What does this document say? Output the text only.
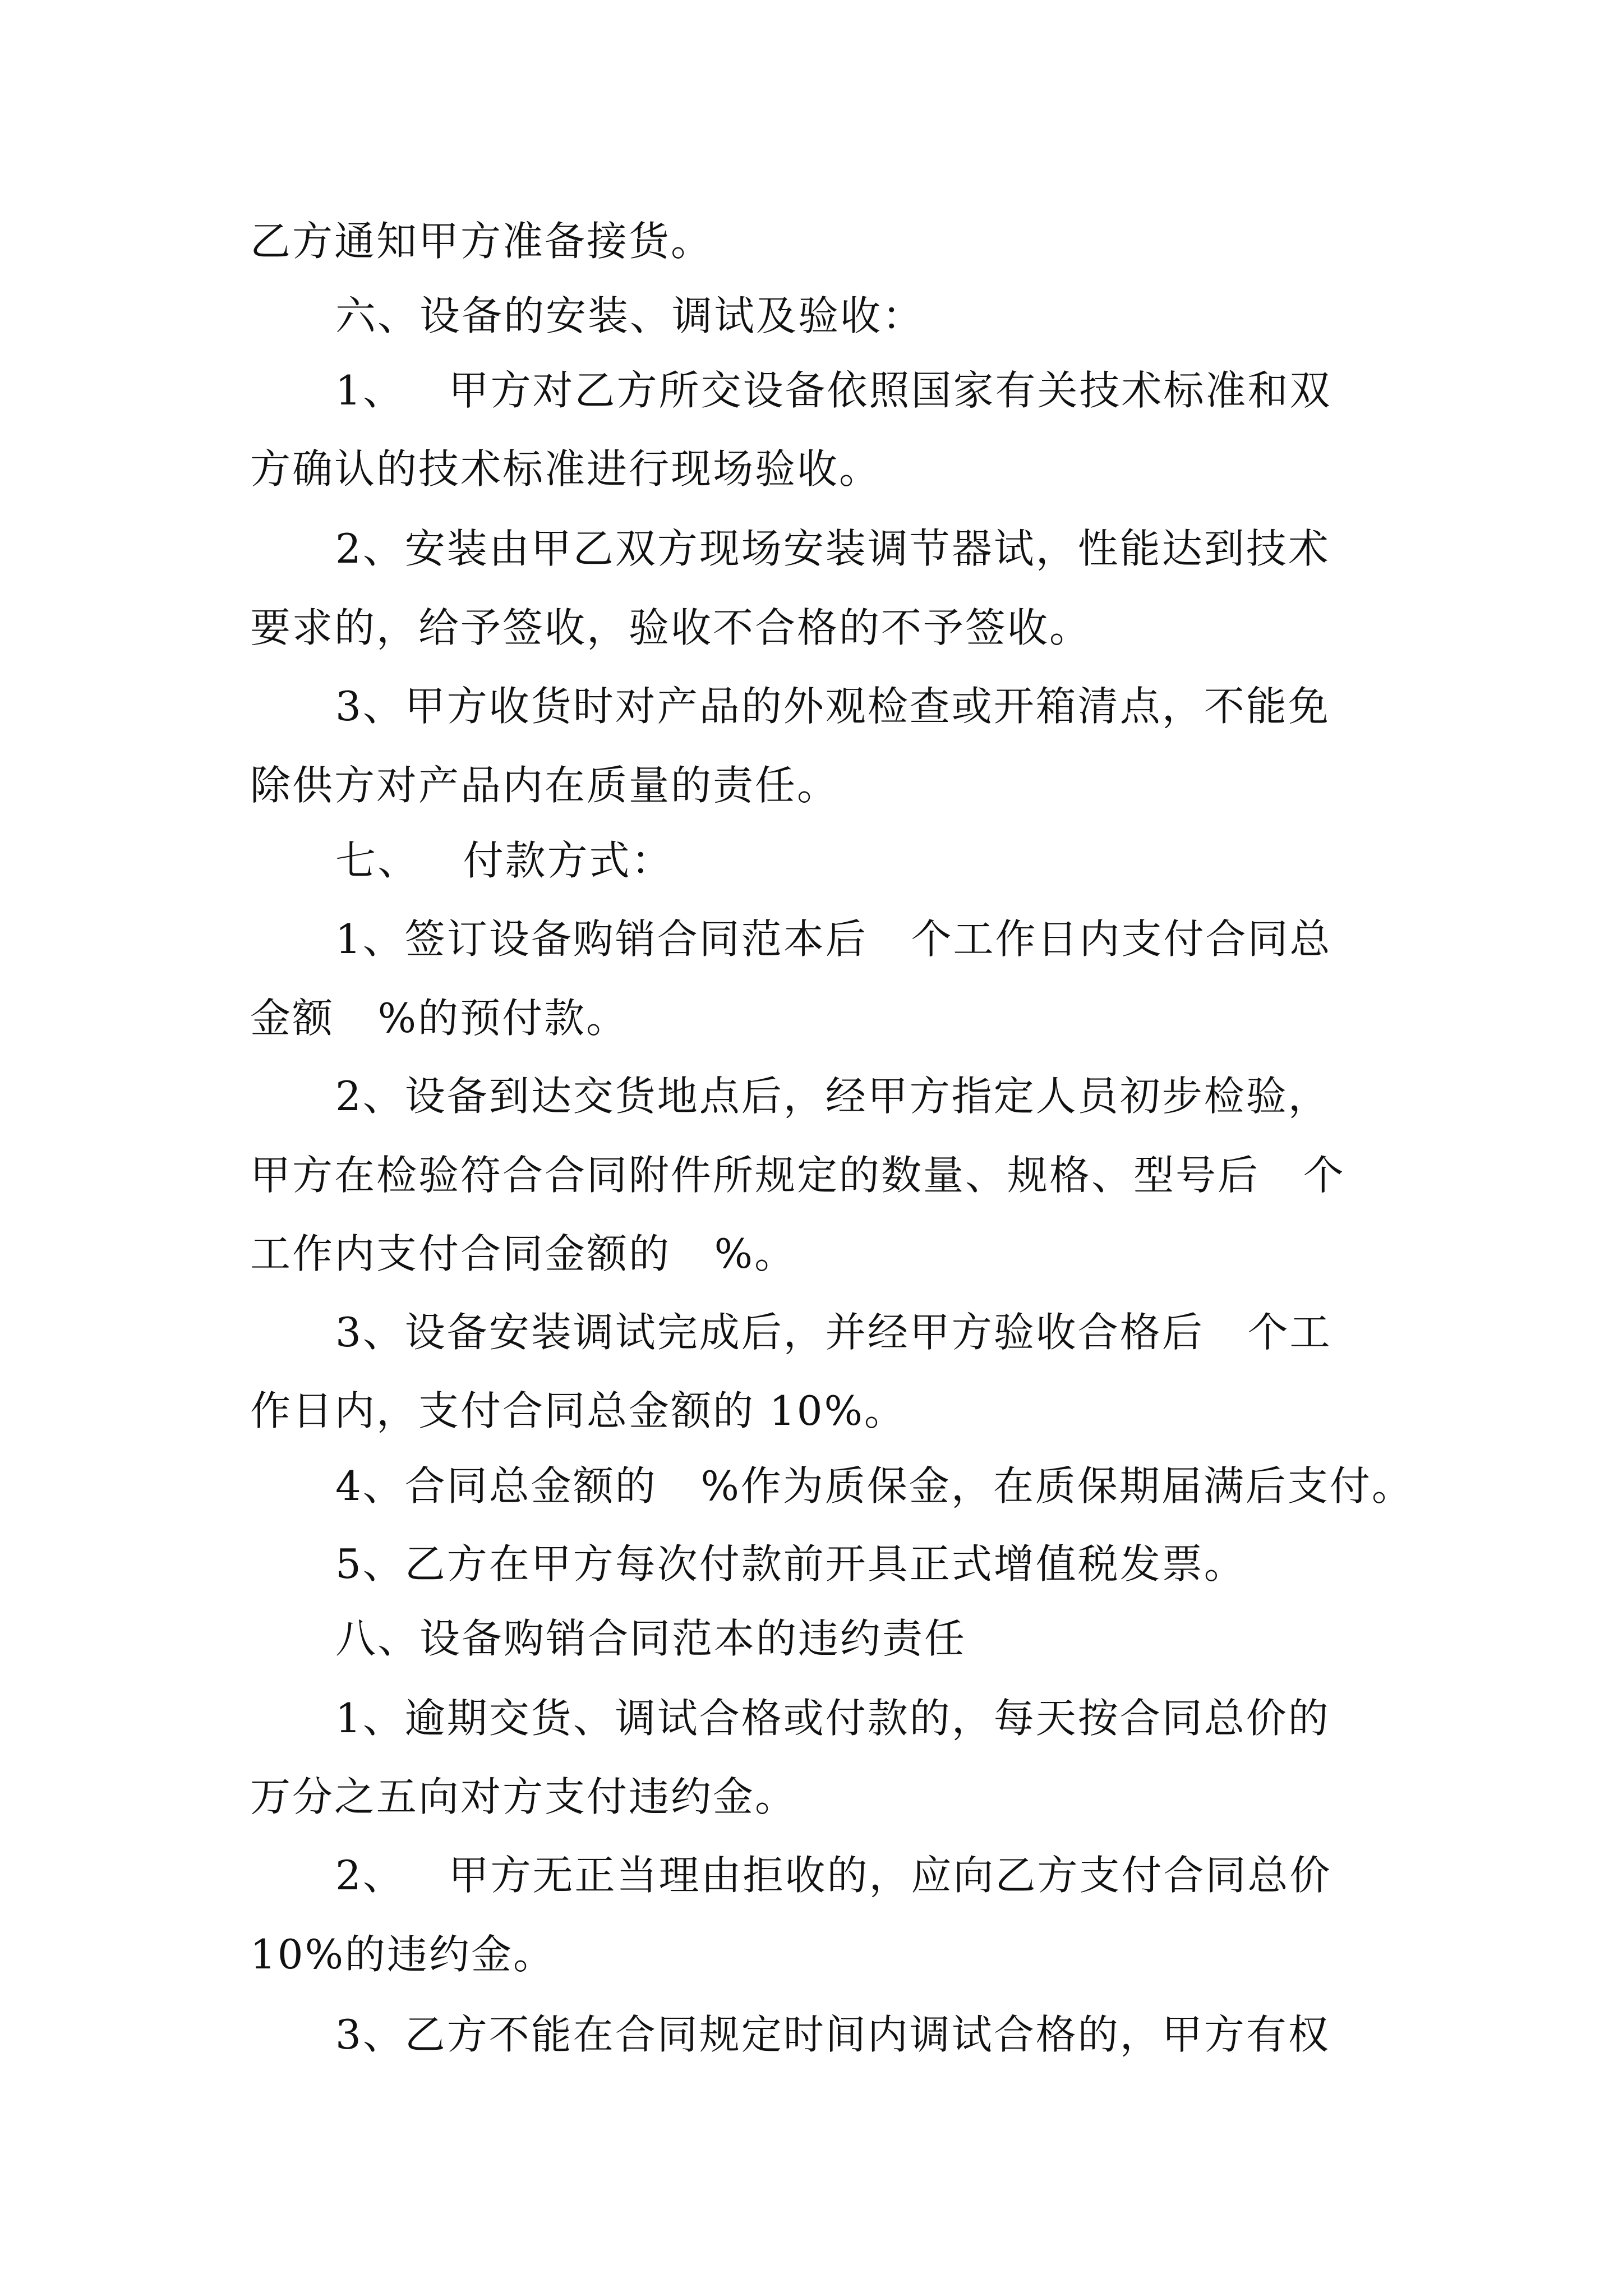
乙方通知甲方准备接货。

六、设备的安装、调试及验收：

1、   甲方对乙方所交设备依照国家有关技术标准和双

方确认的技术标准进行现场验收。

2、安装由甲乙双方现场安装调节器试，性能达到技术

要求的，给予签收，验收不合格的不予签收。

3、甲方收货时对产品的外观检查或开箱清点，不能免

除供方对产品内在质量的责任。

七、   付款方式：

1、签订设备购销合同范本后   个工作日内支付合同总

金额   %的预付款。

2、设备到达交货地点后，经甲方指定人员初步检验，

甲方在检验符合合同附件所规定的数量、规格、型号后   个

工作内支付合同金额的   %。

3、设备安装调试完成后，并经甲方验收合格后   个工

作日内，支付合同总金额的 10%。

4、合同总金额的   %作为质保金，在质保期届满后支付。

5、乙方在甲方每次付款前开具正式增值税发票。

八、设备购销合同范本的违约责任

1、逾期交货、调试合格或付款的，每天按合同总价的

万分之五向对方支付违约金。

2、   甲方无正当理由拒收的，应向乙方支付合同总价

10%的违约金。

3、乙方不能在合同规定时间内调试合格的，甲方有权
